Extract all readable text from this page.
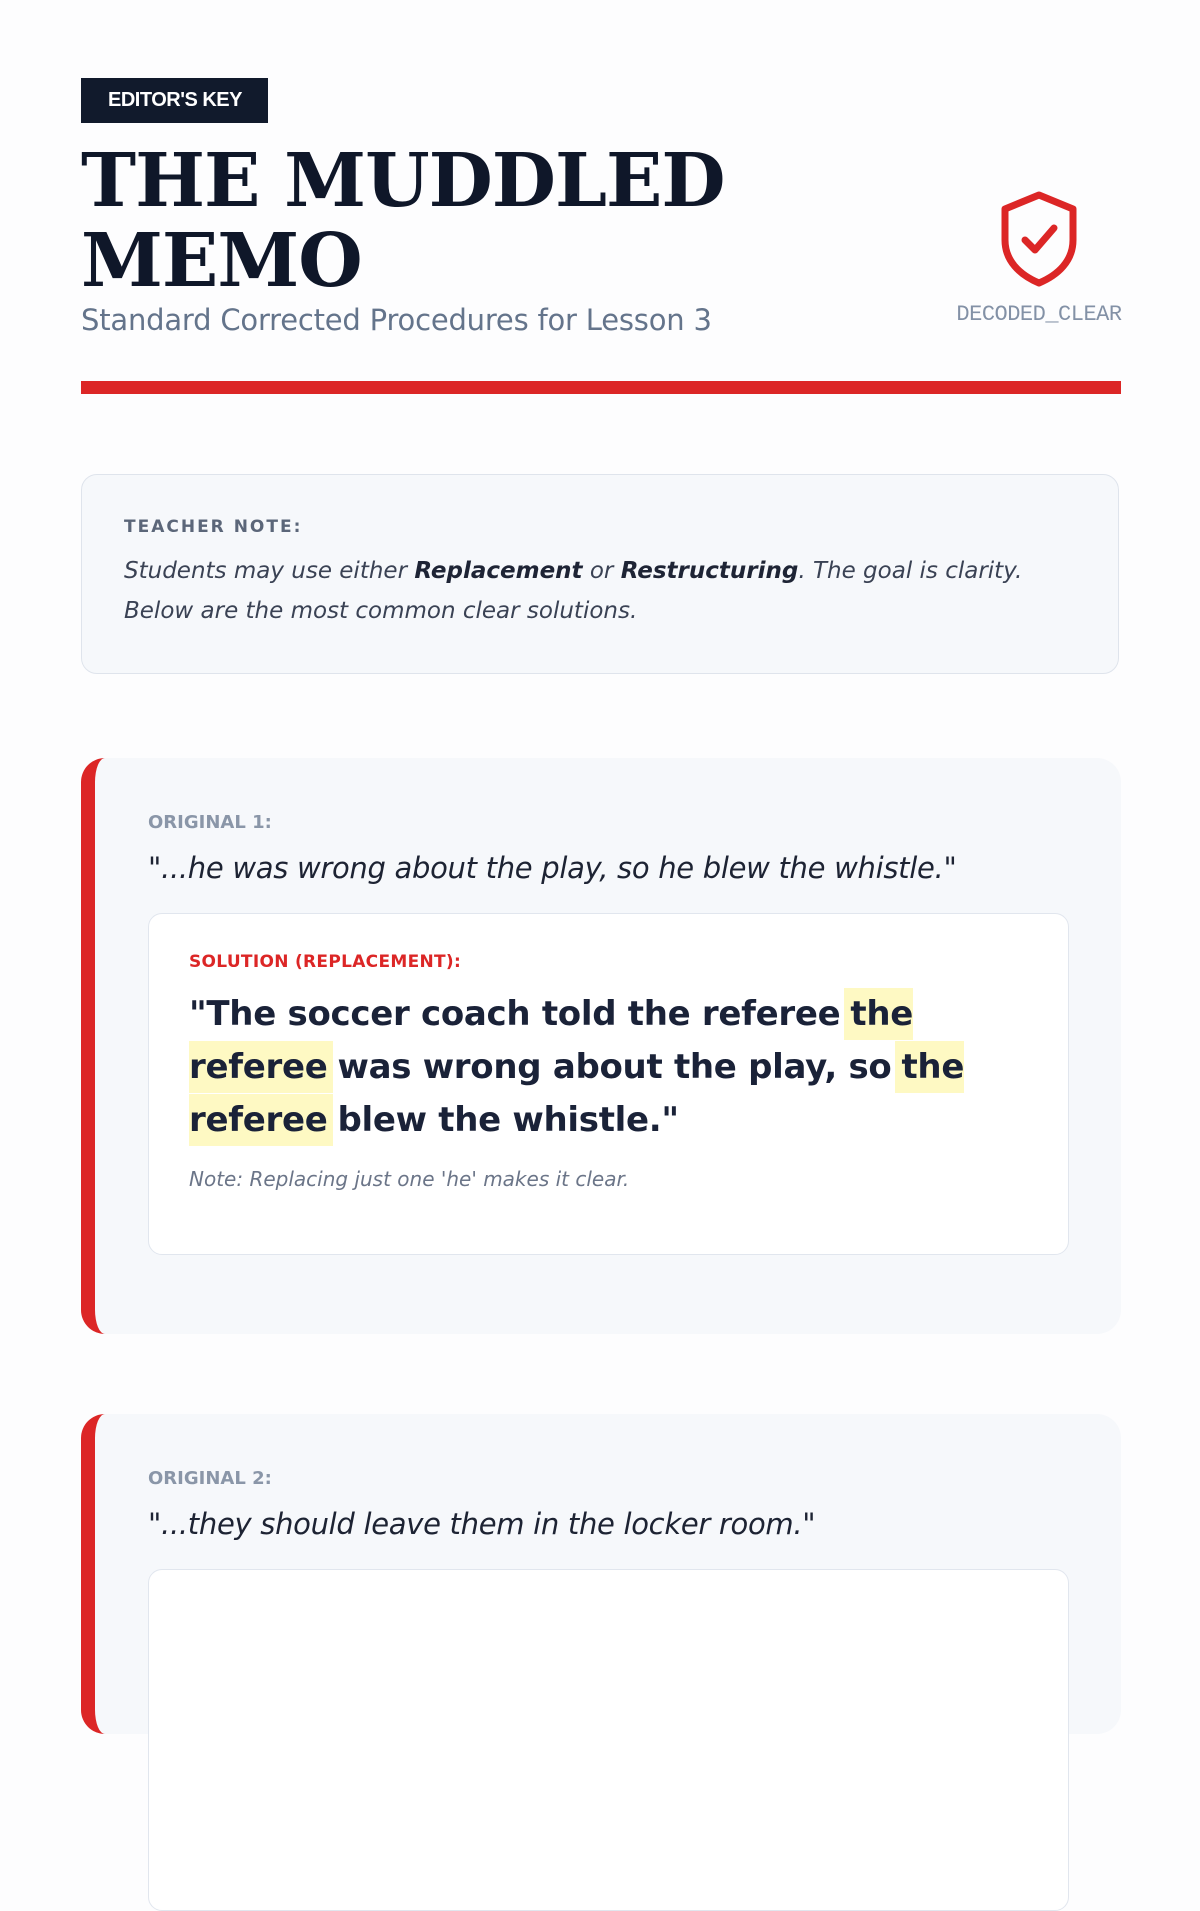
EDITOR'S KEY
THE MUDDLED MEMO
Standard Corrected Procedures for Lesson 3	DECODED_CLEAR
TEACHER NOTE:
Students may use either Replacement or Restructuring. The goal is clarity. Below are the most common clear solutions.
ORIGINAL 1:
"...he was wrong about the play, so he blew the whistle."
SOLUTION (REPLACEMENT):
"The soccer coach told the referee the referee was wrong about the play, so the referee blew the whistle."
Note: Replacing just one 'he' makes it clear.
ORIGINAL 2:
"...they should leave them in the locker room."
